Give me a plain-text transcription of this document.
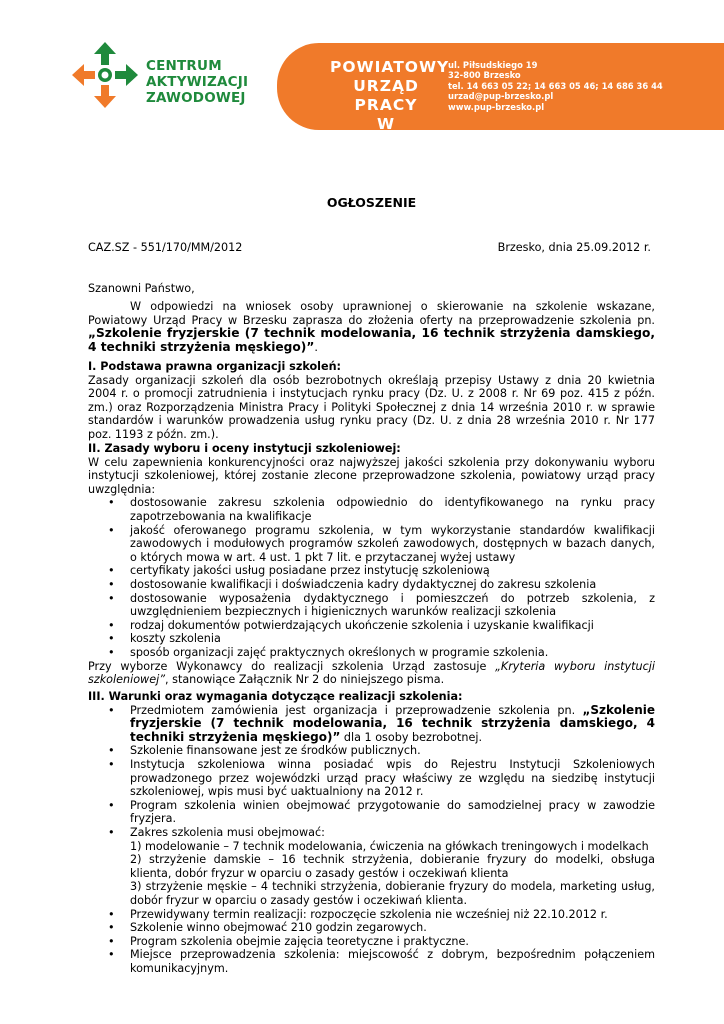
CENTRUM
AKTYWIZACJI
ZAWODOWEJ
POWIATOWY
URZĄD PRACY
W BRZESKU
ul. Piłsudskiego 19
32-800 Brzesko
tel. 14 663 05 22; 14 663 05 46; 14 686 36 44
urzad@pup-brzesko.pl
www.pup-brzesko.pl
OGŁOSZENIE
CAZ.SZ - 551/170/MM/2012	Brzesko, dnia 25.09.2012 r.
Szanowni Państwo,
W odpowiedzi na wniosek osoby uprawnionej o skierowanie na szkolenie wskazane, Powiatowy Urząd Pracy w Brzesku zaprasza do złożenia oferty na przeprowadzenie szkolenia pn. „Szkolenie fryzjerskie (7 technik modelowania, 16 technik strzyżenia damskiego, 4 techniki strzyżenia męskiego)”.
I. Podstawa prawna organizacji szkoleń:
Zasady organizacji szkoleń dla osób bezrobotnych określają przepisy Ustawy z dnia 20 kwietnia 2004 r. o promocji zatrudnienia i instytucjach rynku pracy (Dz. U. z 2008 r. Nr 69 poz. 415 z późn. zm.) oraz Rozporządzenia Ministra Pracy i Polityki Społecznej z dnia 14 września 2010 r. w sprawie standardów i warunków prowadzenia usług rynku pracy (Dz. U. z dnia 28 września 2010 r. Nr 177 poz. 1193 z późn. zm.).
II. Zasady wyboru i oceny instytucji szkoleniowej:
W celu zapewnienia konkurencyjności oraz najwyższej jakości szkolenia przy dokonywaniu wyboru instytucji szkoleniowej, której zostanie zlecone przeprowadzone szkolenia, powiatowy urząd pracy uwzględnia:
• dostosowanie zakresu szkolenia odpowiednio do identyfikowanego na rynku pracy zapotrzebowania na kwalifikacje
• jakość oferowanego programu szkolenia, w tym wykorzystanie standardów kwalifikacji zawodowych i modułowych programów szkoleń zawodowych, dostępnych w bazach danych, o których mowa w art. 4 ust. 1 pkt 7 lit. e przytaczanej wyżej ustawy
• certyfikaty jakości usług posiadane przez instytucję szkoleniową
• dostosowanie kwalifikacji i doświadczenia kadry dydaktycznej do zakresu szkolenia
• dostosowanie wyposażenia dydaktycznego i pomieszczeń do potrzeb szkolenia, z uwzględnieniem bezpiecznych i higienicznych warunków realizacji szkolenia
• rodzaj dokumentów potwierdzających ukończenie szkolenia i uzyskanie kwalifikacji
• koszty szkolenia
• sposób organizacji zajęć praktycznych określonych w programie szkolenia.
Przy wyborze Wykonawcy do realizacji szkolenia Urząd zastosuje „Kryteria wyboru instytucji szkoleniowej”, stanowiące Załącznik Nr 2 do niniejszego pisma.
III. Warunki oraz wymagania dotyczące realizacji szkolenia:
• Przedmiotem zamówienia jest organizacja i przeprowadzenie szkolenia pn. „Szkolenie fryzjerskie (7 technik modelowania, 16 technik strzyżenia damskiego, 4 techniki strzyżenia męskiego)” dla 1 osoby bezrobotnej.
• Szkolenie finansowane jest ze środków publicznych.
• Instytucja szkoleniowa winna posiadać wpis do Rejestru Instytucji Szkoleniowych prowadzonego przez wojewódzki urząd pracy właściwy ze względu na siedzibę instytucji szkoleniowej, wpis musi być uaktualniony na 2012 r.
• Program szkolenia winien obejmować przygotowanie do samodzielnej pracy w zawodzie fryzjera.
• Zakres szkolenia musi obejmować:
1) modelowanie – 7 technik modelowania, ćwiczenia na główkach treningowych i modelkach
2) strzyżenie damskie – 16 technik strzyżenia, dobieranie fryzury do modelki, obsługa klienta, dobór fryzur w oparciu o zasady gestów i oczekiwań klienta
3) strzyżenie męskie – 4 techniki strzyżenia, dobieranie fryzury do modela, marketing usług, dobór fryzur w oparciu o zasady gestów i oczekiwań klienta.
• Przewidywany termin realizacji: rozpoczęcie szkolenia nie wcześniej niż 22.10.2012 r.
• Szkolenie winno obejmować 210 godzin zegarowych.
• Program szkolenia obejmie zajęcia teoretyczne i praktyczne.
• Miejsce przeprowadzenia szkolenia: miejscowość z dobrym, bezpośrednim połączeniem komunikacyjnym.
